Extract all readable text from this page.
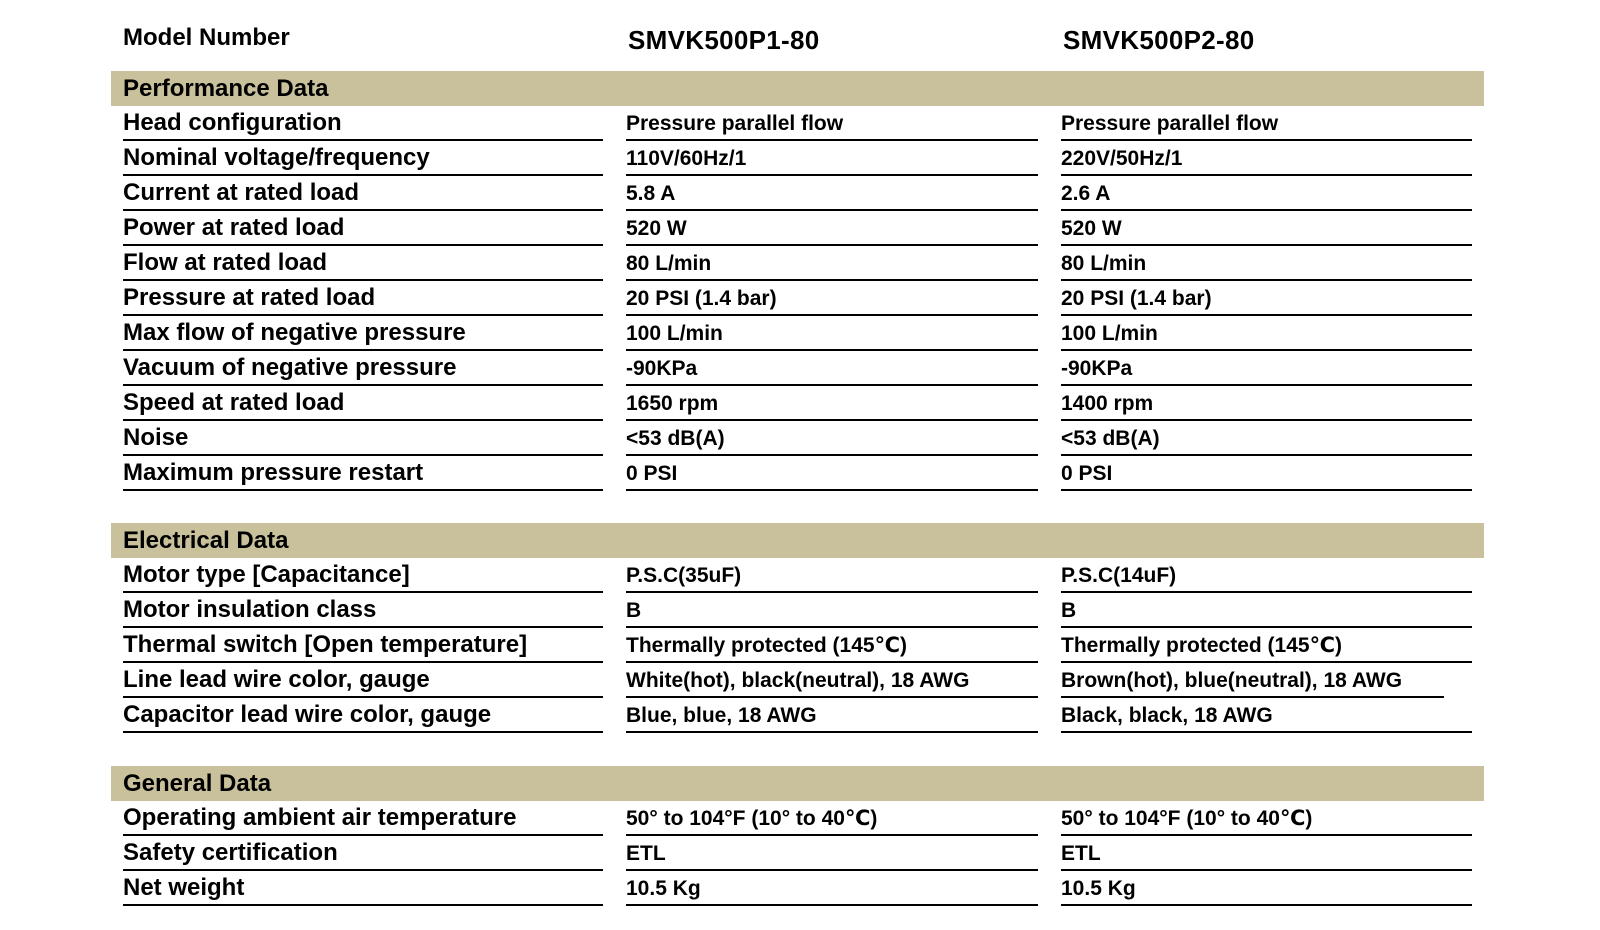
Model Number	SMVK500P1-80	SMVK500P2-80
Performance Data
Head configuration	Pressure parallel flow	Pressure parallel flow
Nominal voltage/frequency	110V/60Hz/1	220V/50Hz/1
Current at rated load	5.8 A	2.6 A
Power at rated load	520 W	520 W
Flow at rated load	80 L/min	80 L/min
Pressure at rated load	20 PSI (1.4 bar)	20 PSI (1.4 bar)
Max flow of negative pressure	100 L/min	100 L/min
Vacuum of negative pressure	-90KPa	-90KPa
Speed at rated load	1650 rpm	1400 rpm
Noise	<53 dB(A)	<53 dB(A)
Maximum pressure restart	0 PSI	0 PSI
Electrical Data
Motor type [Capacitance]	P.S.C(35uF)	P.S.C(14uF)
Motor insulation class	B	B
Thermal switch [Open temperature]	Thermally protected (145℃)	Thermally protected (145℃)
Line lead wire color, gauge	White(hot), black(neutral), 18 AWG	Brown(hot), blue(neutral), 18 AWG
Capacitor lead wire color, gauge	Blue, blue, 18 AWG	Black, black, 18 AWG
General Data
Operating ambient air temperature	50° to 104°F (10° to 40℃)	50° to 104°F (10° to 40℃)
Safety certification	ETL	ETL
Net weight	10.5 Kg	10.5 Kg
